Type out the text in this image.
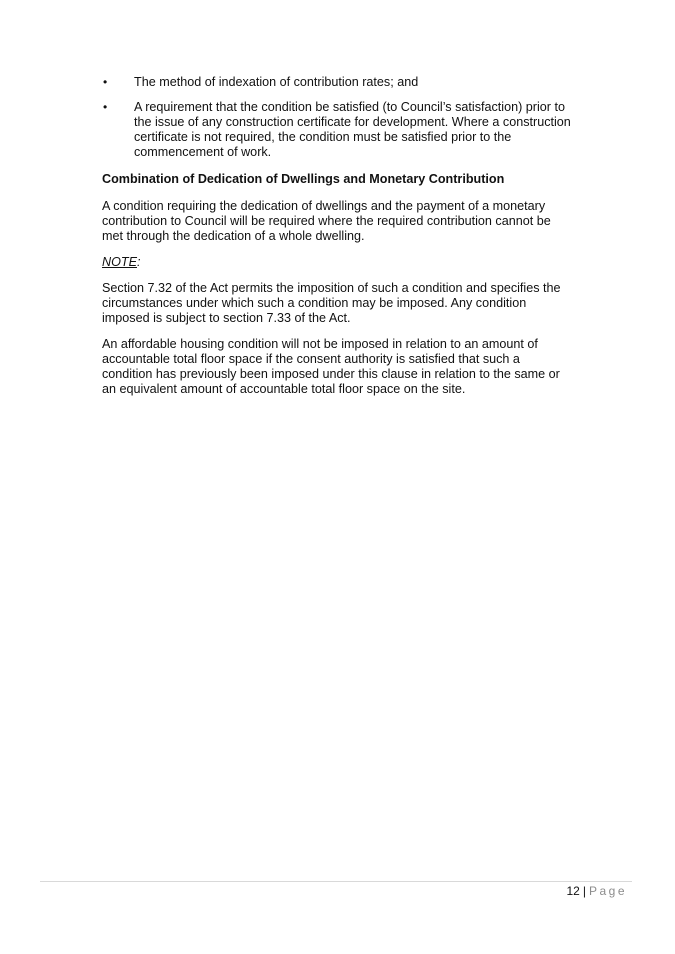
• The method of indexation of contribution rates; and
• A requirement that the condition be satisfied (to Council’s satisfaction) prior to the issue of any construction certificate for development. Where a construction certificate is not required, the condition must be satisfied prior to the commencement of work.
Combination of Dedication of Dwellings and Monetary Contribution

A condition requiring the dedication of dwellings and the payment of a monetary contribution to Council will be required where the required contribution cannot be met through the dedication of a whole dwelling.

NOTE:

Section 7.32 of the Act permits the imposition of such a condition and specifies the circumstances under which such a condition may be imposed. Any condition imposed is subject to section 7.33 of the Act.

An affordable housing condition will not be imposed in relation to an amount of accountable total floor space if the consent authority is satisfied that such a condition has previously been imposed under this clause in relation to the same or an equivalent amount of accountable total floor space on the site.

12 | Page
